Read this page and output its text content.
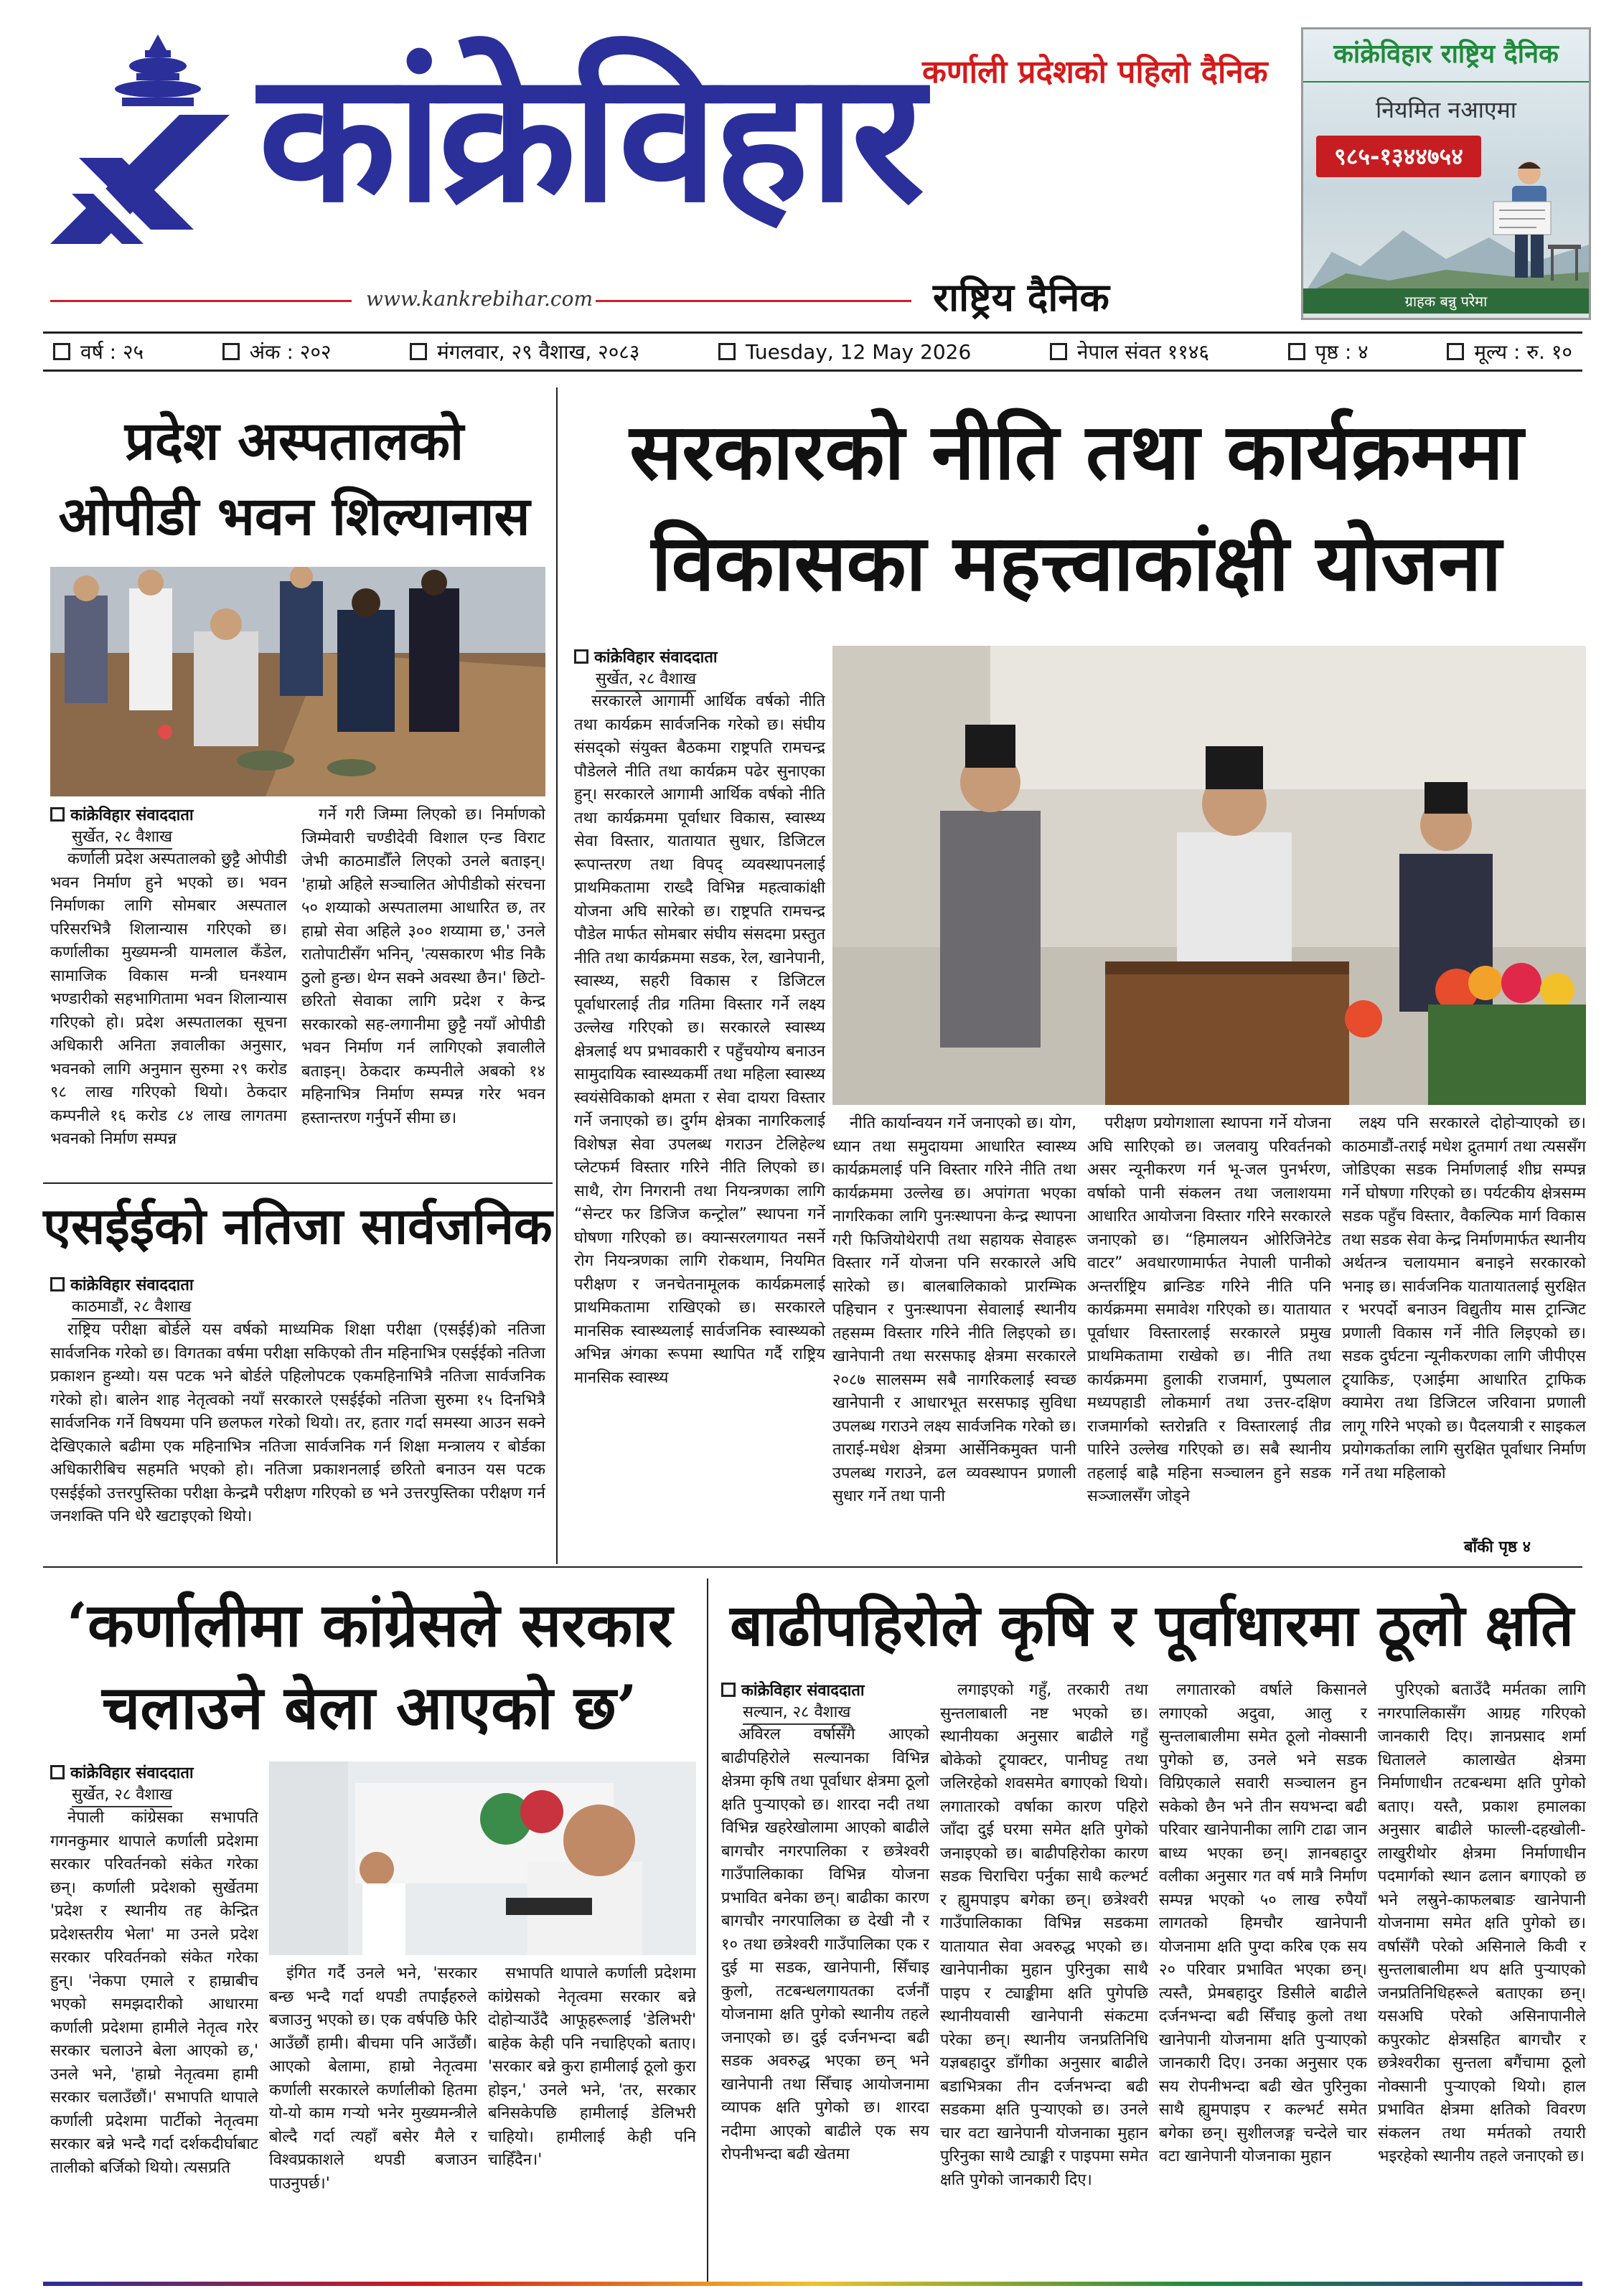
कांक्रेविहार कर्णाली प्रदेशको पहिलो दैनिक
राष्ट्रिय दैनिक
www.kankrebihar.com
कांक्रेविहार राष्ट्रिय दैनिक
नियमित नआएमा
९८५-१३४४७५४
ग्राहक बन्नु परेमा
वर्ष : २५	अंक : २०२	मंगलवार, २९ वैशाख, २०८३	Tuesday, 12 May 2026	नेपाल संवत ११४६	पृष्ठ : ४	मूल्य : रु. १०
प्रदेश अस्पतालको
ओपीडी भवन शिल्यानास
कांक्रेविहार संवाददाता
सुर्खेत, २८ वैशाख

कर्णाली प्रदेश अस्पतालको छुट्टै ओपीडी भवन निर्माण हुने भएको छ। भवन निर्माणका लागि सोमबार अस्पताल परिसरभित्रै शिलान्यास गरिएको छ। कर्णालीका मुख्यमन्त्री यामलाल कँडेल, सामाजिक विकास मन्त्री घनश्याम भण्डारीको सहभागितामा भवन शिलान्यास गरिएको हो। प्रदेश अस्पतालका सूचना अधिकारी अनिता ज्ञवालीका अनुसार, भवनको लागि अनुमान सुरुमा २९ करोड ९८ लाख गरिएको थियो। ठेकदार कम्पनीले १६ करोड ८४ लाख लागतमा भवनको निर्माण सम्पन्न

गर्ने गरी जिम्मा लिएको छ। निर्माणको जिम्मेवारी चण्डीदेवी विशाल एन्ड विराट जेभी काठमाडौँले लिएको उनले बताइन्। 'हाम्रो अहिले सञ्चालित ओपीडीको संरचना ५० शय्याको अस्पतालमा आधारित छ, तर हाम्रो सेवा अहिले ३०० शय्यामा छ,' उनले रातोपाटीसँग भनिन्, 'त्यसकारण भीड निकै ठुलो हुन्छ। थेग्न सक्ने अवस्था छैन।' छिटो-छरितो सेवाका लागि प्रदेश र केन्द्र सरकारको सह-लगानीमा छुट्टै नयाँ ओपीडी भवन निर्माण गर्न लागिएको ज्ञवालीले बताइन्। ठेकदार कम्पनीले अबको १४ महिनाभित्र निर्माण सम्पन्न गरेर भवन हस्तान्तरण गर्नुपर्ने सीमा छ।

एसईईको नतिजा सार्वजनिक
कांक्रेविहार संवाददाता
काठमाडौं, २८ वैशाख

राष्ट्रिय परीक्षा बोर्डले यस वर्षको माध्यमिक शिक्षा परीक्षा (एसईई)को नतिजा सार्वजनिक गरेको छ। विगतका वर्षमा परीक्षा सकिएको तीन महिनाभित्र एसईईको नतिजा प्रकाशन हुन्थ्यो। यस पटक भने बोर्डले पहिलोपटक एकमहिनाभित्रै नतिजा सार्वजनिक गरेको हो। बालेन शाह नेतृत्वको नयाँ सरकारले एसईईको नतिजा सुरुमा १५ दिनभित्रै सार्वजनिक गर्ने विषयमा पनि छलफल गरेको थियो। तर, हतार गर्दा समस्या आउन सक्ने देखिएकाले बढीमा एक महिनाभित्र नतिजा सार्वजनिक गर्न शिक्षा मन्त्रालय र बोर्डका अधिकारीबिच सहमति भएको हो। नतिजा प्रकाशनलाई छरितो बनाउन यस पटक एसईईको उत्तरपुस्तिका परीक्षा केन्द्रमै परीक्षण गरिएको छ भने उत्तरपुस्तिका परीक्षण गर्न जनशक्ति पनि धेरै खटाइएको थियो।

सरकारको नीति तथा कार्यक्रममा
विकासका महत्त्वाकांक्षी योजना
कांक्रेविहार संवाददाता
सुर्खेत, २८ वैशाख

सरकारले आगामी आर्थिक वर्षको नीति तथा कार्यक्रम सार्वजनिक गरेको छ। संघीय संसद्को संयुक्त बैठकमा राष्ट्रपति रामचन्द्र पौडेलले नीति तथा कार्यक्रम पढेर सुनाएका हुन्। सरकारले आगामी आर्थिक वर्षको नीति तथा कार्यक्रममा पूर्वाधार विकास, स्वास्थ्य सेवा विस्तार, यातायात सुधार, डिजिटल रूपान्तरण तथा विपद् व्यवस्थापनलाई प्राथमिकतामा राख्दै विभिन्न महत्वाकांक्षी योजना अघि सारेको छ। राष्ट्रपति रामचन्द्र पौडेल मार्फत सोमबार संघीय संसदमा प्रस्तुत नीति तथा कार्यक्रममा सडक, रेल, खानेपानी, स्वास्थ्य, सहरी विकास र डिजिटल पूर्वाधारलाई तीव्र गतिमा विस्तार गर्ने लक्ष्य उल्लेख गरिएको छ। सरकारले स्वास्थ्य क्षेत्रलाई थप प्रभावकारी र पहुँचयोग्य बनाउन सामुदायिक स्वास्थ्यकर्मी तथा महिला स्वास्थ्य स्वयंसेविकाको क्षमता र सेवा दायरा विस्तार गर्ने जनाएको छ। दुर्गम क्षेत्रका नागरिकलाई विशेषज्ञ सेवा उपलब्ध गराउन टेलिहेल्थ प्लेटफर्म विस्तार गरिने नीति लिएको छ। साथै, रोग निगरानी तथा नियन्त्रणका लागि “सेन्टर फर डिजिज कन्ट्रोल” स्थापना गर्ने घोषणा गरिएको छ। क्यान्सरलगायत नसर्ने रोग नियन्त्रणका लागि रोकथाम, नियमित परीक्षण र जनचेतनामूलक कार्यक्रमलाई प्राथमिकतामा राखिएको छ। सरकारले मानसिक स्वास्थ्यलाई सार्वजनिक स्वास्थ्यको अभिन्न अंगका रूपमा स्थापित गर्दै राष्ट्रिय मानसिक स्वास्थ्य

नीति कार्यान्वयन गर्ने जनाएको छ। योग, ध्यान तथा समुदायमा आधारित स्वास्थ्य कार्यक्रमलाई पनि विस्तार गरिने नीति तथा कार्यक्रममा उल्लेख छ। अपांगता भएका नागरिकका लागि पुनःस्थापना केन्द्र स्थापना गरी फिजियोथेरापी तथा सहायक सेवाहरू विस्तार गर्ने योजना पनि सरकारले अघि सारेको छ। बालबालिकाको प्रारम्भिक पहिचान र पुनःस्थापना सेवालाई स्थानीय तहसम्म विस्तार गरिने नीति लिइएको छ। खानेपानी तथा सरसफाइ क्षेत्रमा सरकारले २०८७ सालसम्म सबै नागरिकलाई स्वच्छ खानेपानी र आधारभूत सरसफाइ सुविधा उपलब्ध गराउने लक्ष्य सार्वजनिक गरेको छ। ताराई-मधेश क्षेत्रमा आर्सेनिकमुक्त पानी उपलब्ध गराउने, ढल व्यवस्थापन प्रणाली सुधार गर्ने तथा पानी

परीक्षण प्रयोगशाला स्थापना गर्ने योजना अघि सारिएको छ। जलवायु परिवर्तनको असर न्यूनीकरण गर्न भू-जल पुनर्भरण, वर्षाको पानी संकलन तथा जलाशयमा आधारित आयोजना विस्तार गरिने सरकारले जनाएको छ। “हिमालयन ओरिजिनेटेड वाटर” अवधारणामार्फत नेपाली पानीको अन्तर्राष्ट्रिय ब्रान्डिङ गरिने नीति पनि कार्यक्रममा समावेश गरिएको छ। यातायात पूर्वाधार विस्तारलाई सरकारले प्रमुख प्राथमिकतामा राखेको छ। नीति तथा कार्यक्रममा हुलाकी राजमार्ग, पुष्पलाल मध्यपहाडी लोकमार्ग तथा उत्तर-दक्षिण राजमार्गको स्तरोन्नति र विस्तारलाई तीव्र पारिने उल्लेख गरिएको छ। सबै स्थानीय तहलाई बाह्रै महिना सञ्चालन हुने सडक सञ्जालसँग जोड्ने

लक्ष्य पनि सरकारले दोहोऱ्याएको छ। काठमाडौं-तराई मधेश द्रुतमार्ग तथा त्यससँग जोडिएका सडक निर्माणलाई शीघ्र सम्पन्न गर्ने घोषणा गरिएको छ। पर्यटकीय क्षेत्रसम्म सडक पहुँच विस्तार, वैकल्पिक मार्ग विकास तथा सडक सेवा केन्द्र निर्माणमार्फत स्थानीय अर्थतन्त्र चलायमान बनाइने सरकारको भनाइ छ। सार्वजनिक यातायातलाई सुरक्षित र भरपर्दो बनाउन विद्युतीय मास ट्रान्जिट प्रणाली विकास गर्ने नीति लिइएको छ। सडक दुर्घटना न्यूनीकरणका लागि जीपीएस ट्र्याकिङ, एआईमा आधारित ट्राफिक क्यामेरा तथा डिजिटल जरिवाना प्रणाली लागू गरिने भएको छ। पैदलयात्री र साइकल प्रयोगकर्ताका लागि सुरक्षित पूर्वाधार निर्माण गर्ने तथा महिलाको

बाँकी पृष्ठ ४
‘कर्णालीमा कांग्रेसले सरकार
चलाउने बेला आएको छ’
कांक्रेविहार संवाददाता
सुर्खेत, २८ वैशाख

नेपाली कांग्रेसका सभापति गगनकुमार थापाले कर्णाली प्रदेशमा सरकार परिवर्तनको संकेत गरेका छन्। कर्णाली प्रदेशको सुर्खेतमा 'प्रदेश र स्थानीय तह केन्द्रित प्रदेशस्तरीय भेला' मा उनले प्रदेश सरकार परिवर्तनको संकेत गरेका हुन्। 'नेकपा एमाले र हाम्राबीच भएको समझदारीको आधारमा कर्णाली प्रदेशमा हामीले नेतृत्व गरेर सरकार चलाउने बेला आएको छ,' उनले भने, 'हाम्रो नेतृत्वमा हामी सरकार चलाउँछौं।' सभापति थापाले कर्णाली प्रदेशमा पार्टीको नेतृत्वमा सरकार बन्ने भन्दै गर्दा दर्शकदीर्घाबाट तालीको बर्जिको थियो। त्यसप्रति

इंगित गर्दै उनले भने, 'सरकार बन्छ भन्दै गर्दा थपडी तपाईंहरुले बजाउनु भएको छ। एक वर्षपछि फेरि आउँछौं हामी। बीचमा पनि आउँछौं। आएको बेलामा, हाम्रो नेतृत्वमा कर्णाली सरकारले कर्णालीको हितमा यो-यो काम गऱ्यो भनेर मुख्यमन्त्रीले बोल्दै गर्दा त्यहाँ बसेर मैले र विश्वप्रकाशले थपडी बजाउन पाउनुपर्छ।'

सभापति थापाले कर्णाली प्रदेशमा कांग्रेसको नेतृत्वमा सरकार बन्ने दोहोऱ्याउँदै आफूहरूलाई 'डेलिभरी' बाहेक केही पनि नचाहिएको बताए। 'सरकार बन्ने कुरा हामीलाई ठूलो कुरा होइन,' उनले भने, 'तर, सरकार बनिसकेपछि हामीलाई डेलिभरी चाहियो। हामीलाई केही पनि चाहिँदैन।'

बाढीपहिरोले कृषि र पूर्वाधारमा ठूलो क्षति
कांक्रेविहार संवाददाता
सल्यान, २८ वैशाख

अविरल वर्षासँगै आएको बाढीपहिरोले सल्यानका विभिन्न क्षेत्रमा कृषि तथा पूर्वाधार क्षेत्रमा ठूलो क्षति पुऱ्याएको छ। शारदा नदी तथा विभिन्न खहरेखोलामा आएको बाढीले बागचौर नगरपालिका र छत्रेश्वरी गाउँपालिकाका विभिन्न योजना प्रभावित बनेका छन्। बाढीका कारण बागचौर नगरपालिका छ देखी नौ र १० तथा छत्रेश्वरी गाउँपालिका एक र दुई मा सडक, खानेपानी, सिँचाइ कुलो, तटबन्धलगायतका दर्जनौं योजनामा क्षति पुगेको स्थानीय तहले जनाएको छ। दुई दर्जनभन्दा बढी सडक अवरुद्ध भएका छन् भने खानेपानी तथा सिँचाइ आयोजनामा व्यापक क्षति पुगेको छ। शारदा नदीमा आएको बाढीले एक सय रोपनीभन्दा बढी खेतमा

लगाइएको गहुँ, तरकारी तथा सुन्तलाबाली नष्ट भएको छ। स्थानीयका अनुसार बाढीले गहुँ बोकेको ट्र्याक्टर, पानीघट्ट तथा जलिरहेको शवसमेत बगाएको थियो। लगातारको वर्षाका कारण पहिरो जाँदा दुई घरमा समेत क्षति पुगेको जनाइएको छ। बाढीपहिरोका कारण सडक चिराचिरा पर्नुका साथै कल्भर्ट र ह्युमपाइप बगेका छन्। छत्रेश्वरी गाउँपालिकाका विभिन्न सडकमा यातायात सेवा अवरुद्ध भएको छ। खानेपानीका मुहान पुरिनुका साथै पाइप र ट्याङ्कीमा क्षति पुगेपछि स्थानीयवासी खानेपानी संकटमा परेका छन्। स्थानीय जनप्रतिनिधि यज्ञबहादुर डाँगीका अनुसार बाढीले बडाभित्रका तीन दर्जनभन्दा बढी सडकमा क्षति पुऱ्याएको छ। उनले चार वटा खानेपानी योजनाका मुहान पुरिनुका साथै ट्याङ्की र पाइपमा समेत क्षति पुगेको जानकारी दिए।

लगातारको वर्षाले किसानले लगाएको अदुवा, आलु र सुन्तलाबालीमा समेत ठूलो नोक्सानी पुगेको छ, उनले भने सडक विग्रिएकाले सवारी सञ्चालन हुन सकेको छैन भने तीन सयभन्दा बढी परिवार खानेपानीका लागि टाढा जान बाध्य भएका छन्। ज्ञानबहादुर वलीका अनुसार गत वर्ष मात्रै निर्माण सम्पन्न भएको ५० लाख रुपैयाँ लागतको हिमचौर खानेपानी योजनामा क्षति पुग्दा करिब एक सय २० परिवार प्रभावित भएका छन्। त्यस्तै, प्रेमबहादुर डिसीले बाढीले दर्जनभन्दा बढी सिँचाइ कुलो तथा खानेपानी योजनामा क्षति पुऱ्याएको जानकारी दिए। उनका अनुसार एक सय रोपनीभन्दा बढी खेत पुरिनुका साथै ह्युमपाइप र कल्भर्ट समेत बगेका छन्। सुशीलजङ्ग चन्देले चार वटा खानेपानी योजनाका मुहान

पुरिएको बताउँदै मर्मतका लागि नगरपालिकासँग आग्रह गरिएको जानकारी दिए। ज्ञानप्रसाद शर्मा धितालले कालाखेत क्षेत्रमा निर्माणाधीन तटबन्धमा क्षति पुगेको बताए। यस्तै, प्रकाश हमालका अनुसार बाढीले फाल्ली-दहखोली-लाखुरीथोर क्षेत्रमा निर्माणाधीन पदमार्गको स्थान ढलान बगाएको छ भने लस्रुने-काफलबाङ खानेपानी योजनामा समेत क्षति पुगेको छ। वर्षासँगै परेको असिनाले किवी र सुन्तलाबालीमा थप क्षति पुऱ्याएको जनप्रतिनिधिहरूले बताएका छन्। यसअघि परेको असिनापानीले कपुरकोट क्षेत्रसहित बागचौर र छत्रेश्वरीका सुन्तला बगैंचामा ठूलो नोक्सानी पुऱ्याएको थियो। हाल प्रभावित क्षेत्रमा क्षतिको विवरण संकलन तथा मर्मतको तयारी भइरहेको स्थानीय तहले जनाएको छ।
